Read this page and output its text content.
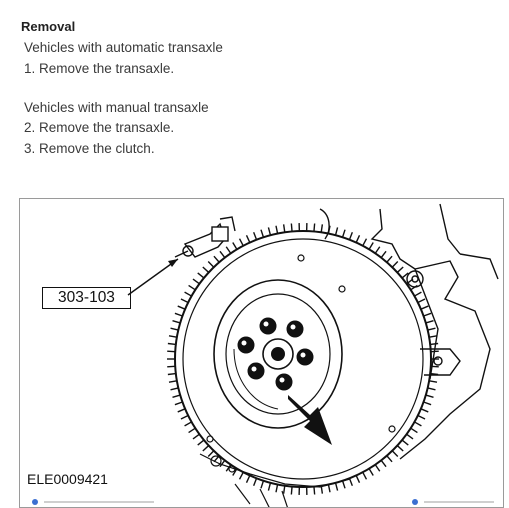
Removal
Vehicles with automatic transaxle
1. Remove the transaxle.
Vehicles with manual transaxle
2. Remove the transaxle.
3. Remove the clutch.
303-103
ELE0009421
